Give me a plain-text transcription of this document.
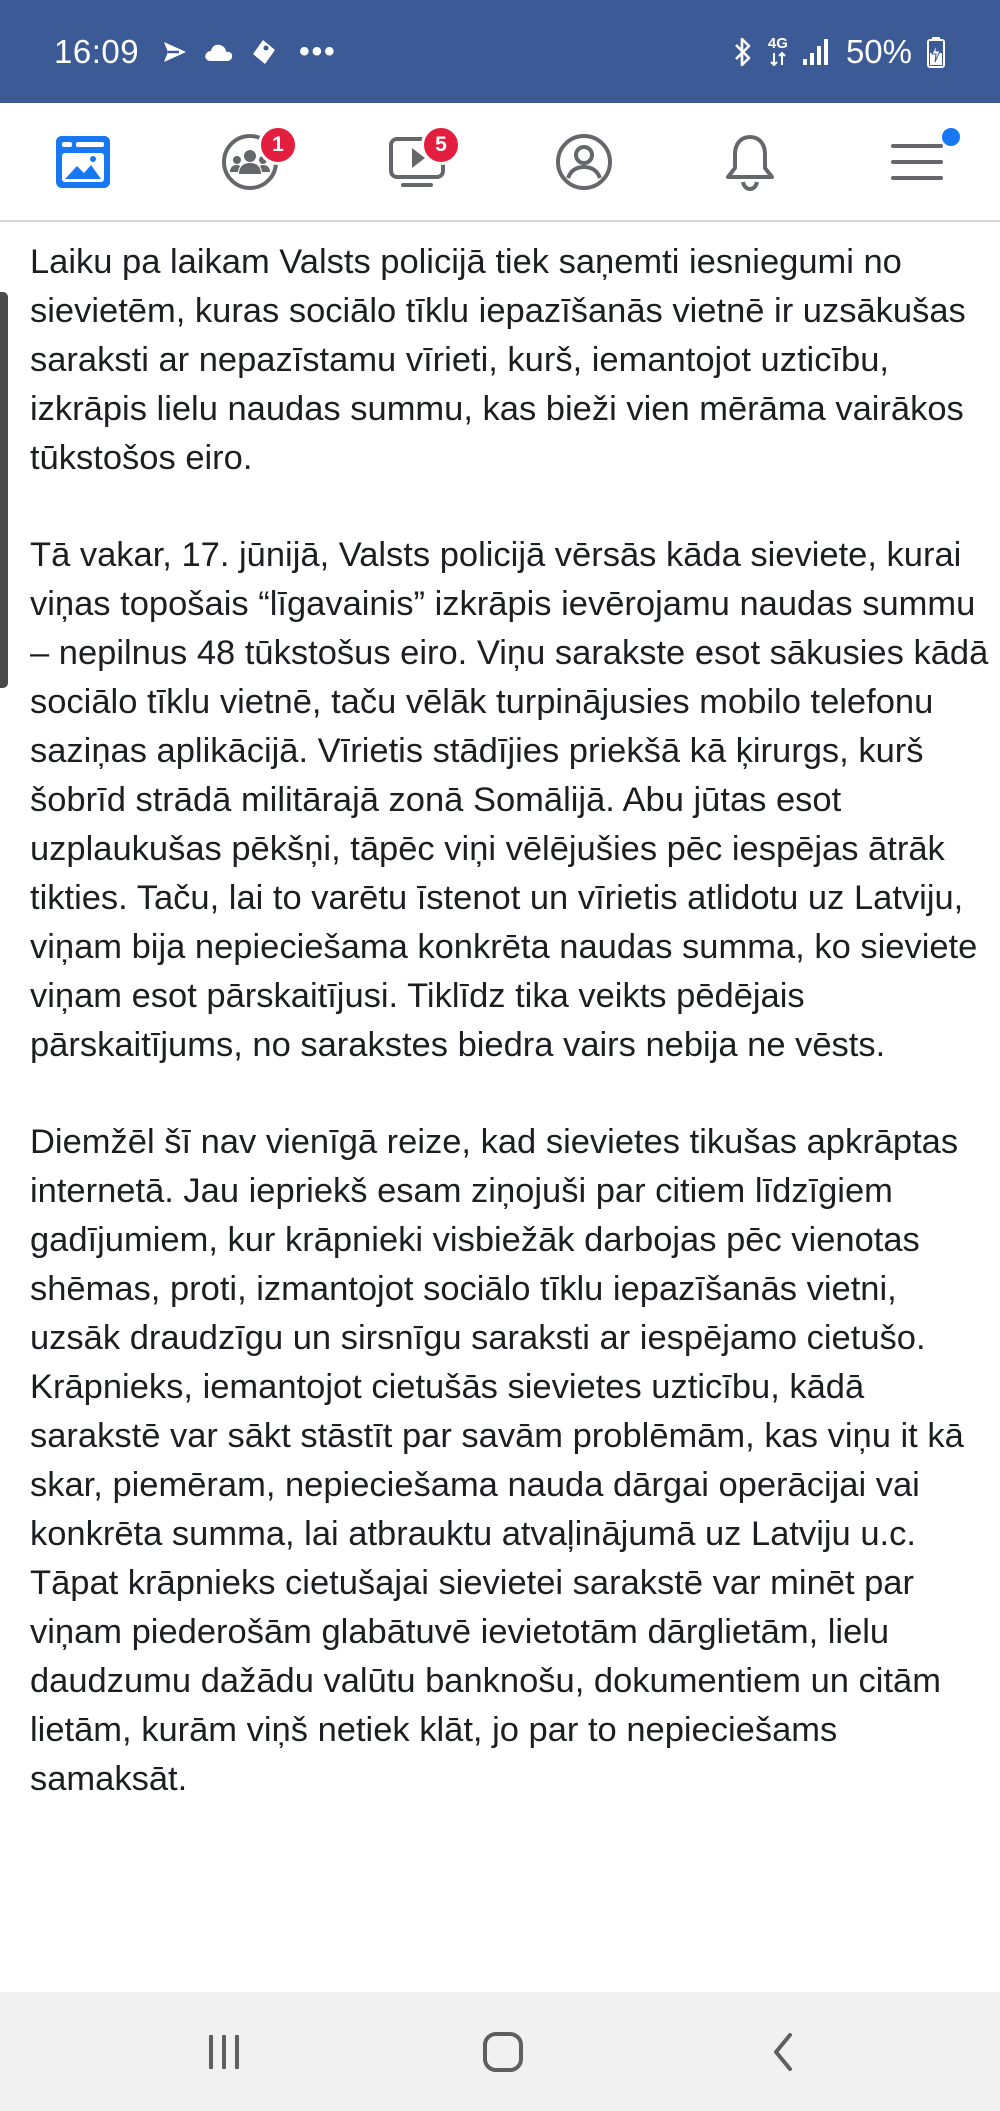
16:09	•••	4G 50%
1	5

Laiku pa laikam Valsts policijā tiek saņemti iesniegumi no sievietēm, kuras sociālo tīklu iepazīšanās vietnē ir uzsākušas saraksti ar nepazīstamu vīrieti, kurš, iemantojot uzticību, izkrāpis lielu naudas summu, kas bieži vien mērāma vairākos tūkstošos eiro.

Tā vakar, 17. jūnijā, Valsts policijā vērsās kāda sieviete, kurai viņas topošais “līgavainis” izkrāpis ievērojamu naudas summu – nepilnus 48 tūkstošus eiro. Viņu sarakste esot sākusies kādā sociālo tīklu vietnē, taču vēlāk turpinājusies mobilo telefonu saziņas aplikācijā. Vīrietis stādījies priekšā kā ķirurgs, kurš šobrīd strādā militārajā zonā Somālijā. Abu jūtas esot uzplaukušas pēkšņi, tāpēc viņi vēlējušies pēc iespējas ātrāk tikties. Taču, lai to varētu īstenot un vīrietis atlidotu uz Latviju, viņam bija nepieciešama konkrēta naudas summa, ko sieviete viņam esot pārskaitījusi. Tiklīdz tika veikts pēdējais pārskaitījums, no sarakstes biedra vairs nebija ne vēsts.

Diemžēl šī nav vienīgā reize, kad sievietes tikušas apkrāptas internetā. Jau iepriekš esam ziņojuši par citiem līdzīgiem gadījumiem, kur krāpnieki visbiežāk darbojas pēc vienotas shēmas, proti, izmantojot sociālo tīklu iepazīšanās vietni, uzsāk draudzīgu un sirsnīgu saraksti ar iespējamo cietušo. Krāpnieks, iemantojot cietušās sievietes uzticību, kādā sarakstē var sākt stāstīt par savām problēmām, kas viņu it kā skar, piemēram, nepieciešama nauda dārgai operācijai vai konkrēta summa, lai atbrauktu atvaļinājumā uz Latviju u.c. Tāpat krāpnieks cietušajai sievietei sarakstē var minēt par viņam piederošām glabātuvē ievietotām dārglietām, lielu daudzumu dažādu valūtu banknošu, dokumentiem un citām lietām, kurām viņš netiek klāt, jo par to nepieciešams samaksāt.
